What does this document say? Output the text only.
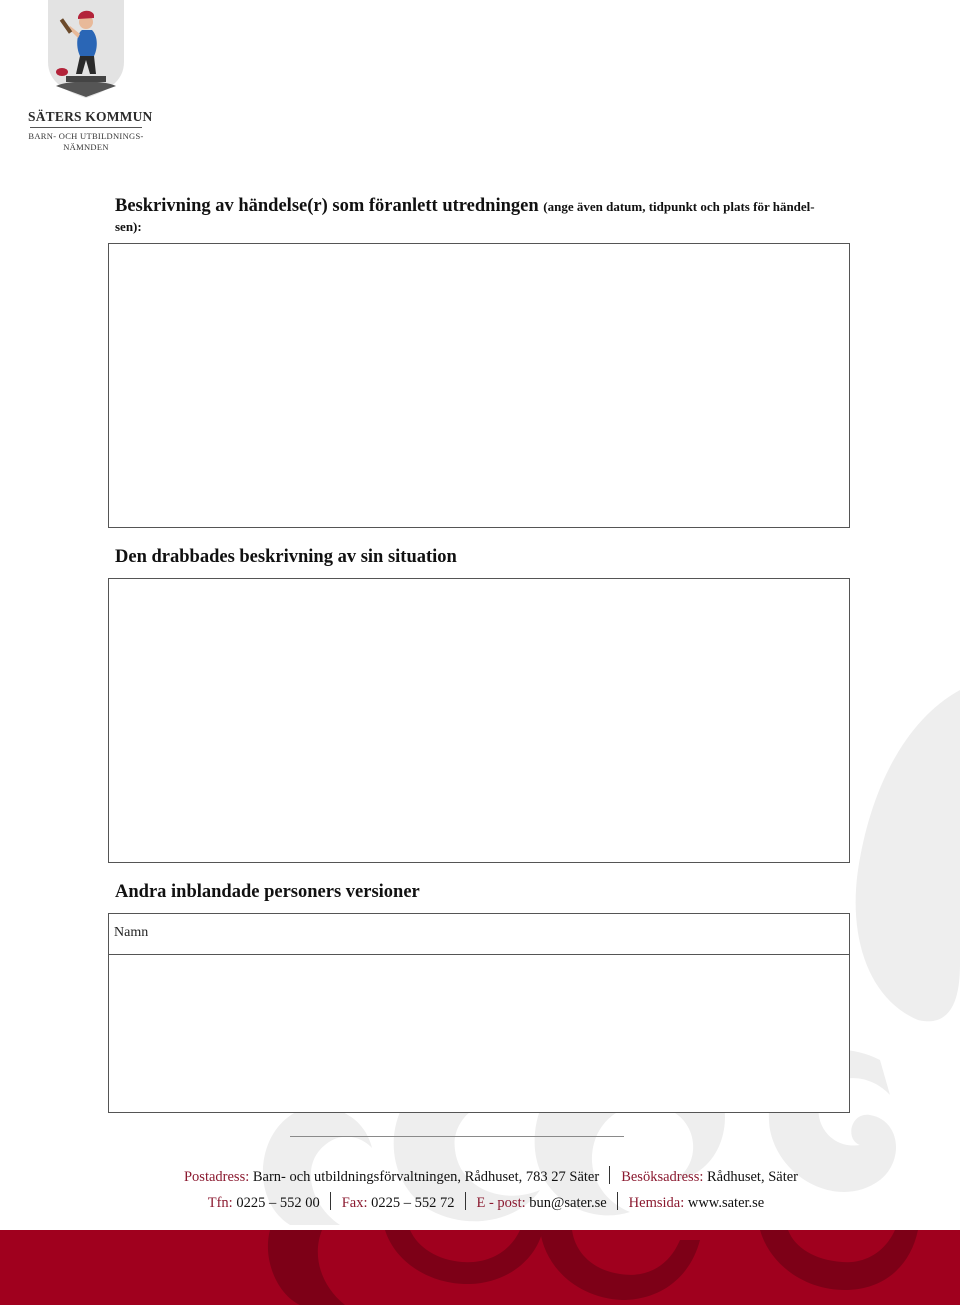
SÄTERS KOMMUN
BARN- OCH UTBILDNINGS-
NÄMNDEN
Beskrivning av händelse(r) som föranlett utredningen (ange även datum, tidpunkt och plats för händel-
sen):
Den drabbades beskrivning av sin situation
Andra inblandade personers versioner
Namn
Postadress: Barn- och utbildningsförvaltningen, Rådhuset, 783 27 Säter Besöksadress: Rådhuset, Säter
Tfn: 0225 – 552 00 Fax: 0225 – 552 72 E - post: bun@sater.se Hemsida: www.sater.se
